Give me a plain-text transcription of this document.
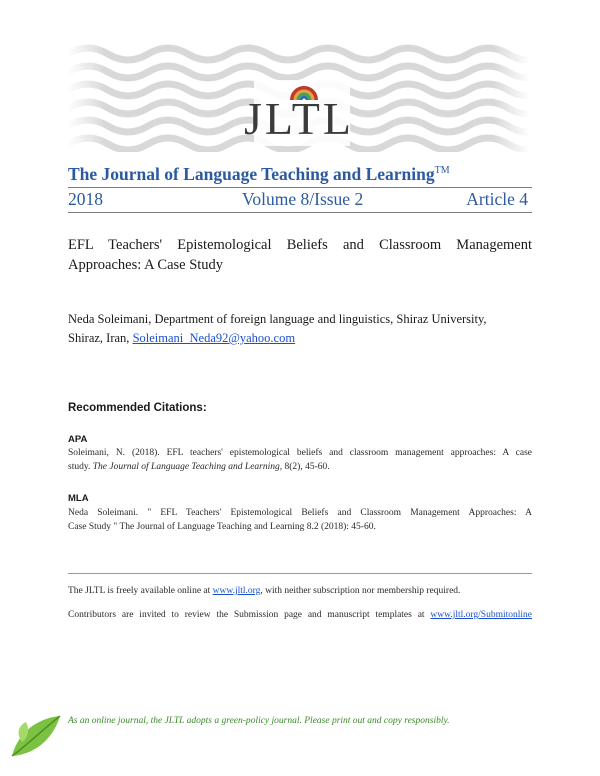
JLTL
The Journal of Language Teaching and Learning™
2018	Volume 8/Issue 2	Article 4
EFL Teachers' Epistemological Beliefs and Classroom Management Approaches: A Case Study
Neda Soleimani, Department of foreign language and linguistics, Shiraz University,
Shiraz, Iran, Soleimani_Neda92@yahoo.com
Recommended Citations:
APA
Soleimani, N. (2018). EFL teachers' epistemological beliefs and classroom management approaches: A case
study. The Journal of Language Teaching and Learning, 8(2), 45-60.
MLA
Neda Soleimani. " EFL Teachers' Epistemological Beliefs and Classroom Management Approaches: A
Case Study " The Journal of Language Teaching and Learning 8.2 (2018): 45-60.
The JLTL is freely available online at www.jltl.org, with neither subscription nor membership required.
Contributors are invited to review the Submission page and manuscript templates at www.jltl.org/Submitonline
As an online journal, the JLTL adopts a green-policy journal. Please print out and copy responsibly.
